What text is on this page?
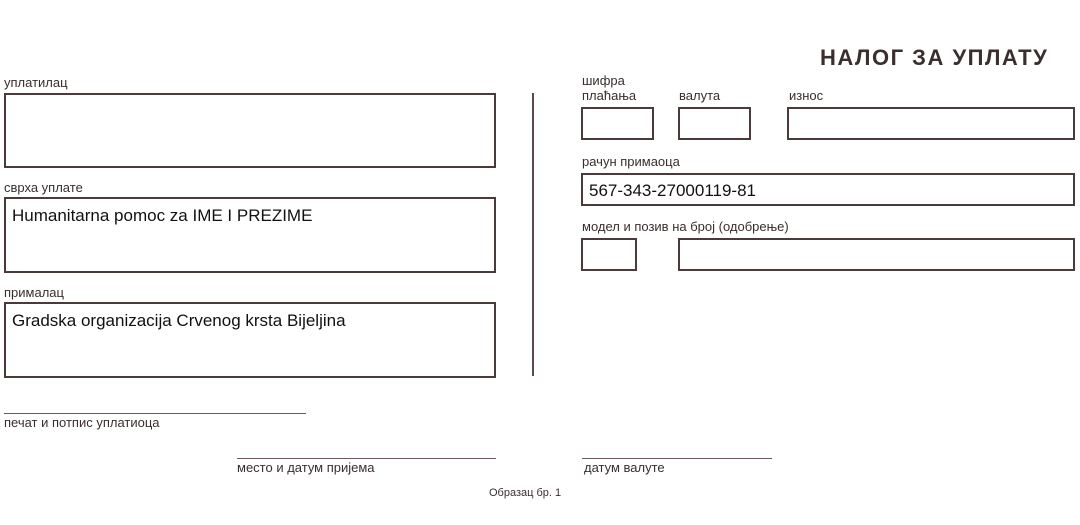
НАЛОГ ЗА УПЛАТУ
уплатилац
сврха уплате
Humanitarna pomoc za IME I PREZIME
прималац
Gradska organizacija Crvenog krsta Bijeljina
печат и потпис уплатиоца
шифра
плаћања	валута	износ
рачун примаоца
567-343-27000119-81
модел и позив на број (одобрење)
место и датум пријема	датум валуте
Образац бр. 1
